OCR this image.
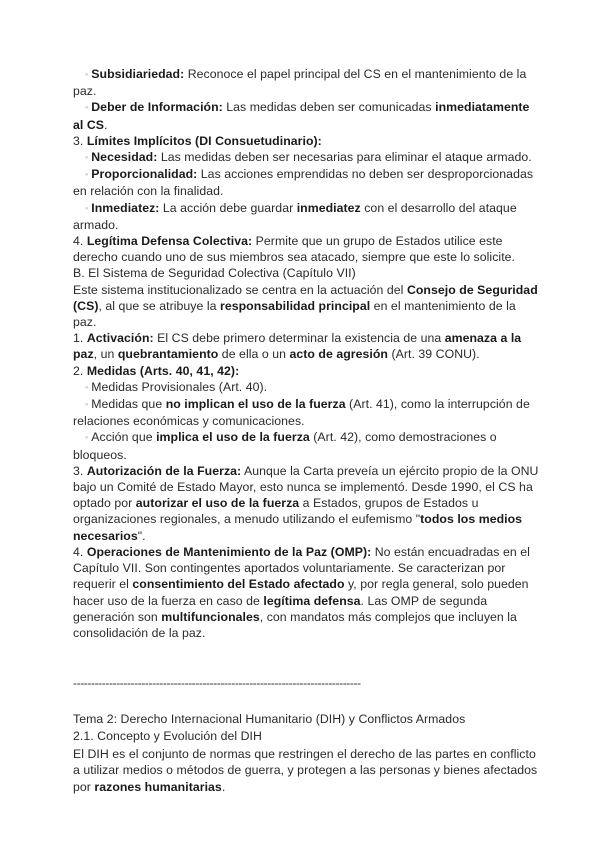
◦ Subsidiariedad: Reconoce el papel principal del CS en el mantenimiento de la
paz.
◦ Deber de Información: Las medidas deben ser comunicadas inmediatamente
al CS.
3. Límites Implícitos (DI Consuetudinario):
◦ Necesidad: Las medidas deben ser necesarias para eliminar el ataque armado.
◦ Proporcionalidad: Las acciones emprendidas no deben ser desproporcionadas
en relación con la finalidad.
◦ Inmediatez: La acción debe guardar inmediatez con el desarrollo del ataque
armado.
4. Legítima Defensa Colectiva: Permite que un grupo de Estados utilice este
derecho cuando uno de sus miembros sea atacado, siempre que este lo solicite.
B. El Sistema de Seguridad Colectiva (Capítulo VII)
Este sistema institucionalizado se centra en la actuación del Consejo de Seguridad
(CS), al que se atribuye la responsabilidad principal en el mantenimiento de la
paz.
1. Activación: El CS debe primero determinar la existencia de una amenaza a la
paz, un quebrantamiento de ella o un acto de agresión (Art. 39 CONU).
2. Medidas (Arts. 40, 41, 42):
◦ Medidas Provisionales (Art. 40).
◦ Medidas que no implican el uso de la fuerza (Art. 41), como la interrupción de
relaciones económicas y comunicaciones.
◦ Acción que implica el uso de la fuerza (Art. 42), como demostraciones o
bloqueos.
3. Autorización de la Fuerza: Aunque la Carta preveía un ejército propio de la ONU
bajo un Comité de Estado Mayor, esto nunca se implementó. Desde 1990, el CS ha
optado por autorizar el uso de la fuerza a Estados, grupos de Estados u
organizaciones regionales, a menudo utilizando el eufemismo "todos los medios
necesarios".
4. Operaciones de Mantenimiento de la Paz (OMP): No están encuadradas en el
Capítulo VII. Son contingentes aportados voluntariamente. Se caracterizan por
requerir el consentimiento del Estado afectado y, por regla general, solo pueden
hacer uso de la fuerza en caso de legítima defensa. Las OMP de segunda
generación son multifuncionales, con mandatos más complejos que incluyen la
consolidación de la paz.
--------------------------------------------------------------------------------
Tema 2: Derecho Internacional Humanitario (DIH) y Conflictos Armados
2.1. Concepto y Evolución del DIH
El DIH es el conjunto de normas que restringen el derecho de las partes en conflicto
a utilizar medios o métodos de guerra, y protegen a las personas y bienes afectados
por razones humanitarias.
